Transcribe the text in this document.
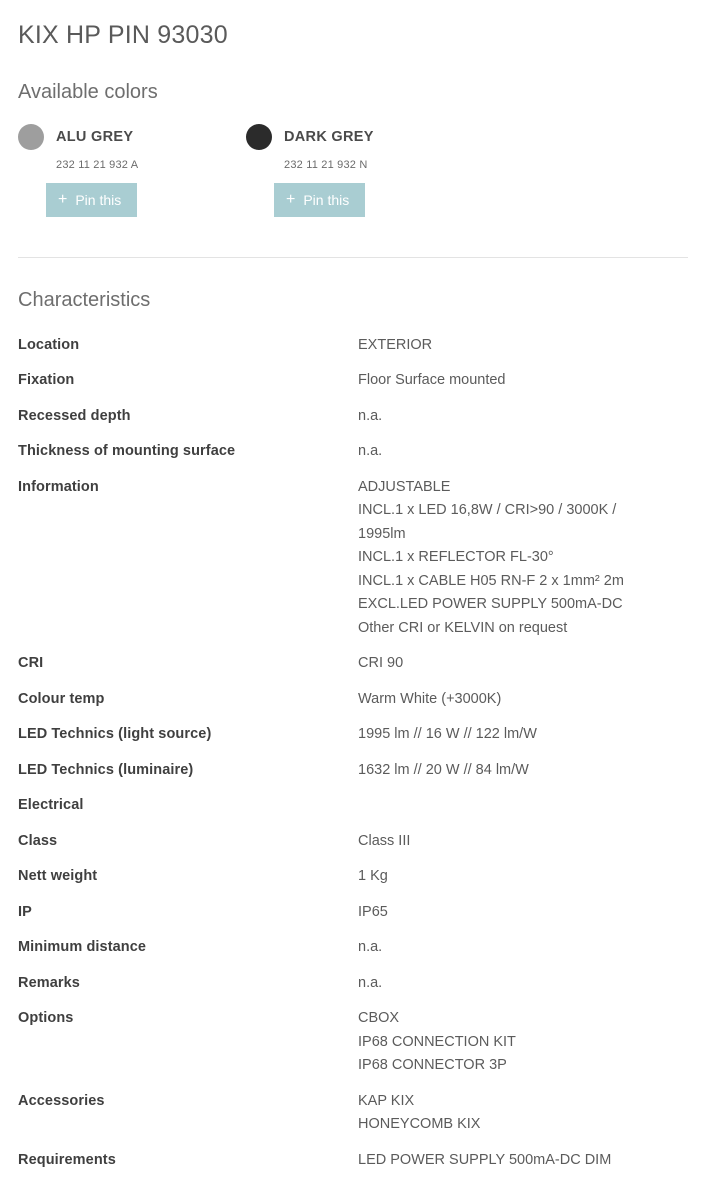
KIX HP PIN 93030
Available colors
ALU GREY
232 11 21 932 A
+ Pin this
DARK GREY
232 11 21 932 N
+ Pin this
Characteristics
Location	EXTERIOR

Fixation	Floor Surface mounted

Recessed depth	n.a.

Thickness of mounting surface	n.a.

Information	ADJUSTABLE
INCL.1 x LED 16,8W / CRI>90 / 3000K /
1995lm
INCL.1 x REFLECTOR FL-30°
INCL.1 x CABLE H05 RN-F 2 x 1mm² 2m
EXCL.LED POWER SUPPLY 500mA-DC
Other CRI or KELVIN on request

CRI	CRI 90

Colour temp	Warm White (+3000K)

LED Technics (light source)	1995 lm // 16 W // 122 lm/W

LED Technics (luminaire)	1632 lm // 20 W // 84 lm/W

Electrical	

Class	Class III

Nett weight	1 Kg

IP	IP65

Minimum distance	n.a.

Remarks	n.a.

Options	CBOX
IP68 CONNECTION KIT
IP68 CONNECTOR 3P

Accessories	KAP KIX
HONEYCOMB KIX

Requirements	LED POWER SUPPLY 500mA-DC DIM
